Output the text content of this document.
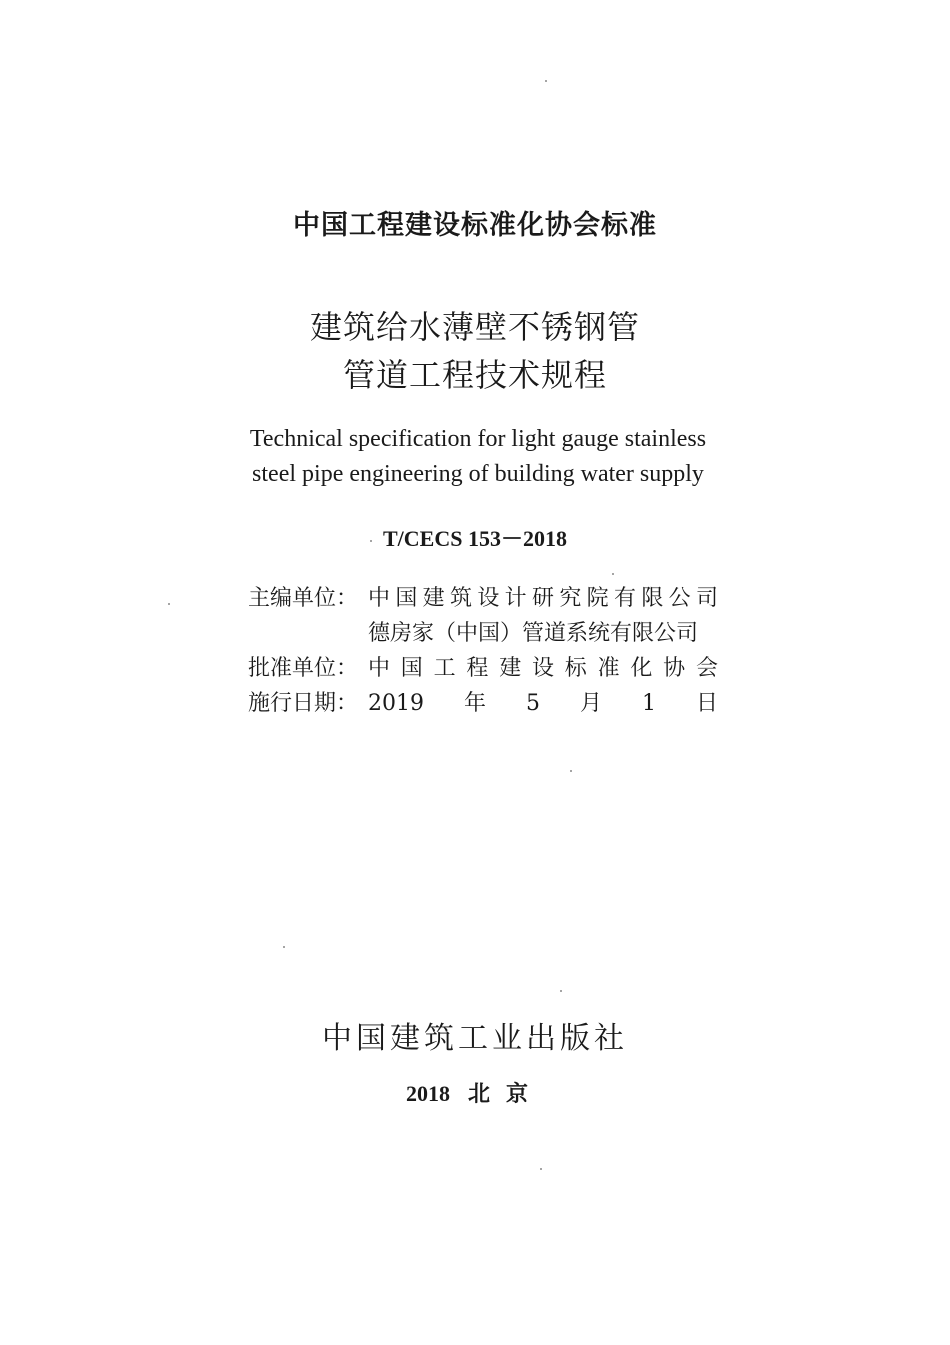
中国工程建设标准化协会标准
建筑给水薄壁不锈钢管
管道工程技术规程
Technical specification for light gauge stainless
steel pipe engineering of building water supply
T/CECS 153－2018
主编单位： 中国建筑设计研究院有限公司
德房家（中国）管道系统有限公司
批准单位： 中国工程建设标准化协会
施行日期： 2019年5月1日
中国建筑工业出版社
2018 北京
